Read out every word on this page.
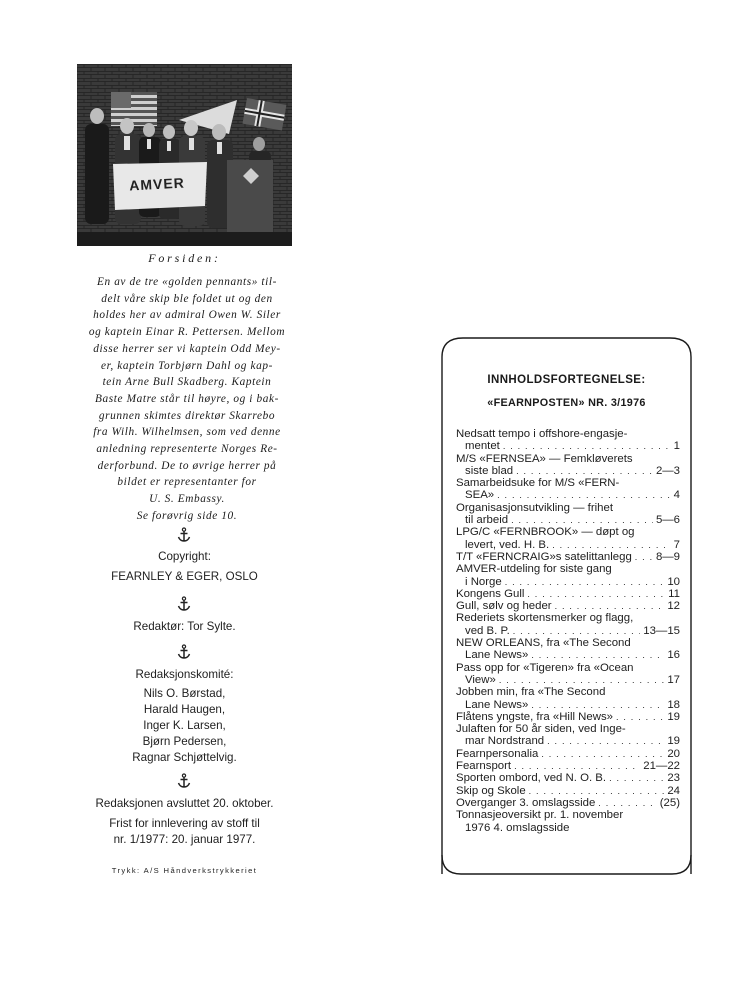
AMVER
Forsiden:
En av de tre «golden pennants» til-
delt våre skip ble foldet ut og den
holdes her av admiral Owen W. Siler
og kaptein Einar R. Pettersen. Mellom
disse herrer ser vi kaptein Odd Mey-
er, kaptein Torbjørn Dahl og kap-
tein Arne Bull Skadberg. Kaptein
Baste Matre står til høyre, og i bak-
grunnen skimtes direktør Skarrebo
fra Wilh. Wilhelmsen, som ved denne
anledning representerte Norges Re-
derforbund. De to øvrige herrer på
bildet er representanter for
U. S. Embassy.
Se forøvrig side 10.
Copyright:
FEARNLEY & EGER, OSLO
Redaktør: Tor Sylte.
Redaksjonskomité:
Nils O. Børstad,
Harald Haugen,
Inger K. Larsen,
Bjørn Pedersen,
Ragnar Schjøttelvig.
Redaksjonen avsluttet 20. oktober.
Frist for innlevering av stoff til
nr. 1/1977: 20. januar 1977.
Trykk: A/S Håndverkstrykkeriet
INNHOLDSFORTEGNELSE:
«FEARNPOSTEN» NR. 3/1976
Nedsatt tempo i offshore-engasje-
mentet . . .	1
M/S «FERNSEA» — Femkløverets
siste blad . . .	2—3
Samarbeidsuke for M/S «FERN-
SEA» . . .	4
Organisasjonsutvikling — frihet
til arbeid . . .	5—6
LPG/C «FERNBROOK» — døpt og
levert, ved. H. B. . . .	7
T/T «FERNCRAIG»s satelittanlegg . . . 8—9
AMVER-utdeling for siste gang
i Norge . . .	10
Kongens Gull . . .	11
Gull, sølv og heder . . .	12
Rederiets skortensmerker og flagg,
ved B. P. . . .	13—15
NEW ORLEANS, fra «The Second
Lane News» . . .	16
Pass opp for «Tigeren» fra «Ocean
View» . . .	17
Jobben min, fra «The Second
Lane News» . . .	18
Flåtens yngste, fra «Hill News» . . .	19
Julaften for 50 år siden, ved Inge-
mar Nordstrand . . .	19
Fearnpersonalia . . .	20
Fearnsport . . .	21—22
Sporten ombord, ved N. O. B. . . .	23
Skip og Skole . . .	24
Overganger 3. omslagsside . . .	(25)
Tonnasjeoversikt pr. 1. november
1976 4. omslagsside
